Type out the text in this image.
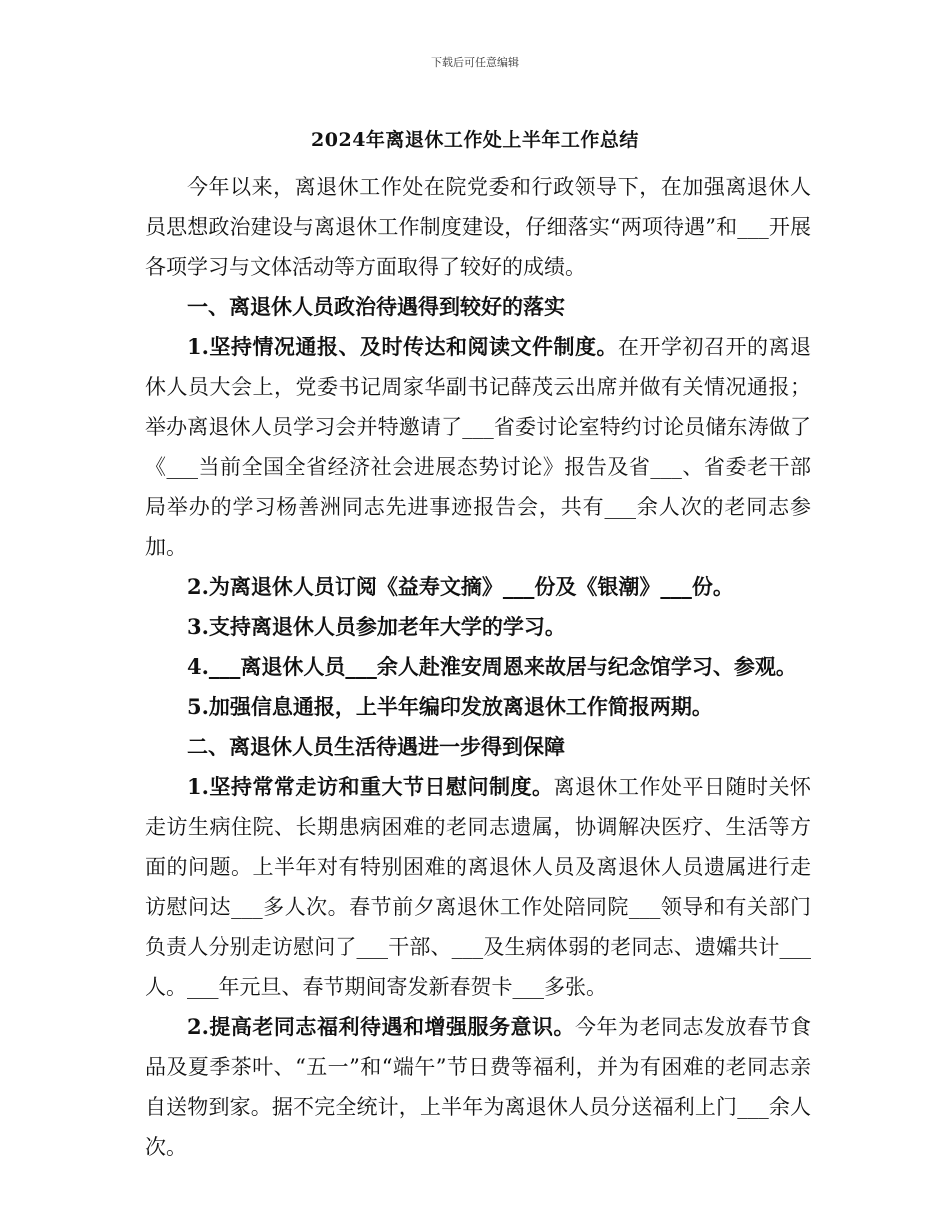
下载后可任意编辑
2024年离退休工作处上半年工作总结

今年以来，离退休工作处在院党委和行政领导下，在加强离退休人员思想政治建设与离退休工作制度建设，仔细落实“两项待遇”和___开展各项学习与文体活动等方面取得了较好的成绩。

一、离退休人员政治待遇得到较好的落实

1.坚持情况通报、及时传达和阅读文件制度。在开学初召开的离退休人员大会上，党委书记周家华副书记薛茂云出席并做有关情况通报；举办离退休人员学习会并特邀请了___省委讨论室特约讨论员储东涛做了《___当前全国全省经济社会进展态势讨论》报告及省___、省委老干部局举办的学习杨善洲同志先进事迹报告会，共有___余人次的老同志参加。

2.为离退休人员订阅《益寿文摘》___份及《银潮》___份。

3.支持离退休人员参加老年大学的学习。

4.___离退休人员___余人赴淮安周恩来故居与纪念馆学习、参观。

5.加强信息通报，上半年编印发放离退休工作简报两期。

二、离退休人员生活待遇进一步得到保障

1.坚持常常走访和重大节日慰问制度。离退休工作处平日随时关怀走访生病住院、长期患病困难的老同志遗属，协调解决医疗、生活等方面的问题。上半年对有特别困难的离退休人员及离退休人员遗属进行走访慰问达___多人次。春节前夕离退休工作处陪同院___领导和有关部门负责人分别走访慰问了___干部、___及生病体弱的老同志、遗孀共计___人。___年元旦、春节期间寄发新春贺卡___多张。

2.提高老同志福利待遇和增强服务意识。今年为老同志发放春节食品及夏季茶叶、“五一”和“端午”节日费等福利，并为有困难的老同志亲自送物到家。据不完全统计，上半年为离退休人员分送福利上门___余人次。
